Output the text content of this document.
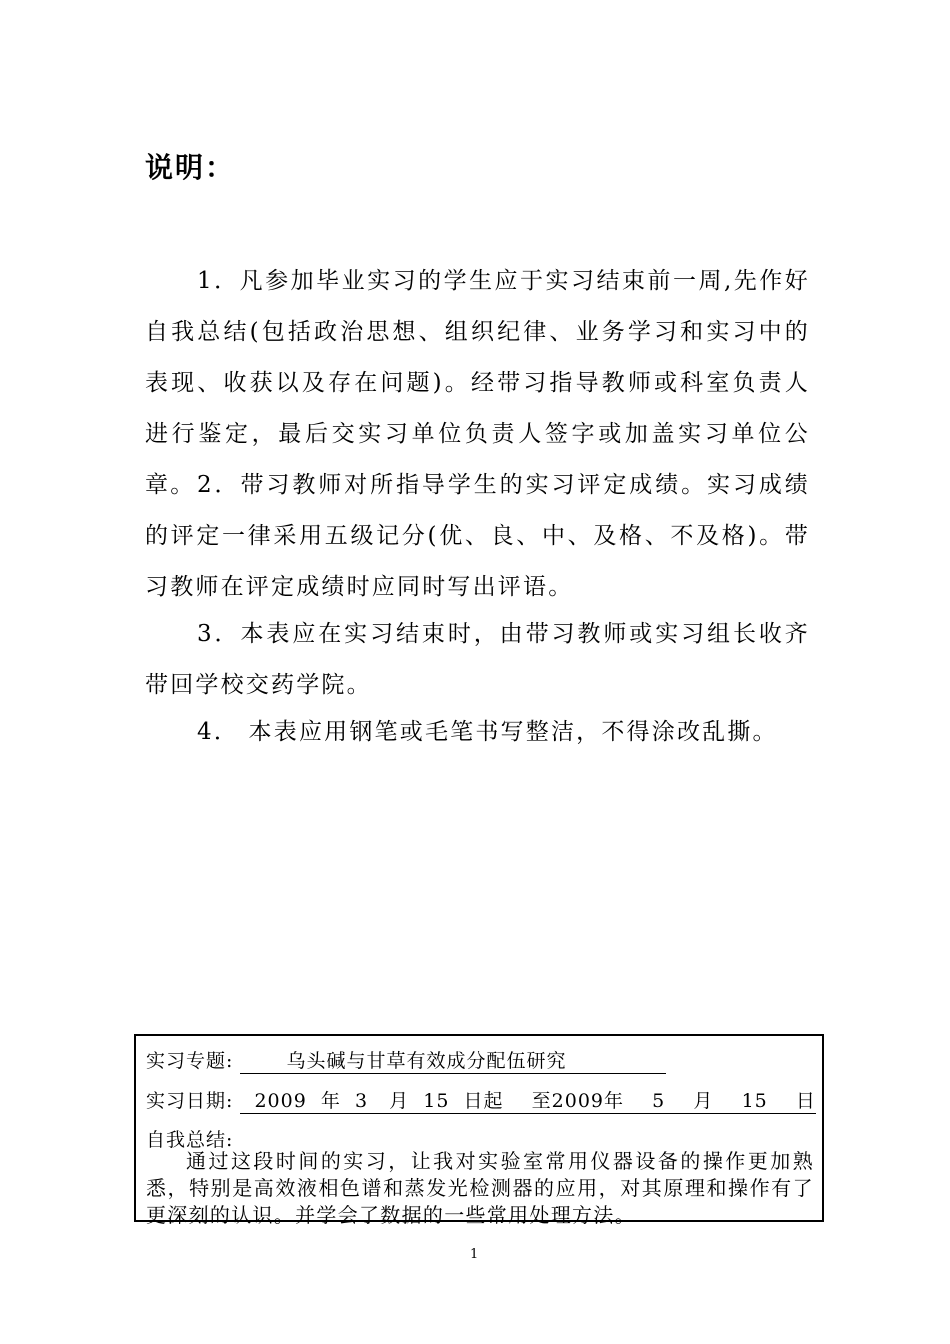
说明：
1．凡参加毕业实习的学生应于实习结束前一周,先作好自我总结(包括政治思想、组织纪律、业务学习和实习中的表现、收获以及存在问题)。经带习指导教师或科室负责人进行鉴定，最后交实习单位负责人签字或加盖实习单位公章。 2．带习教师对所指导学生的实习评定成绩。实习成绩的评定一律采用五级记分(优、良、中、及格、不及格)。带习教师在评定成绩时应同时写出评语。
3．本表应在实习结束时，由带习教师或实习组长收齐带回学校交药学院。
4． 本表应用钢笔或毛笔书写整洁，不得涂改乱撕。
实习专题:	乌头碱与甘草有效成分配伍研究
实习日期: 2009  年  3   月  15  日起    至2009年    5    月    15    日
自我总结:
通过这段时间的实习，让我对实验室常用仪器设备的操作更加熟悉，特别是高效液相色谱和蒸发光检测器的应用，对其原理和操作有了更深刻的认识。并学会了数据的一些常用处理方法。
1
